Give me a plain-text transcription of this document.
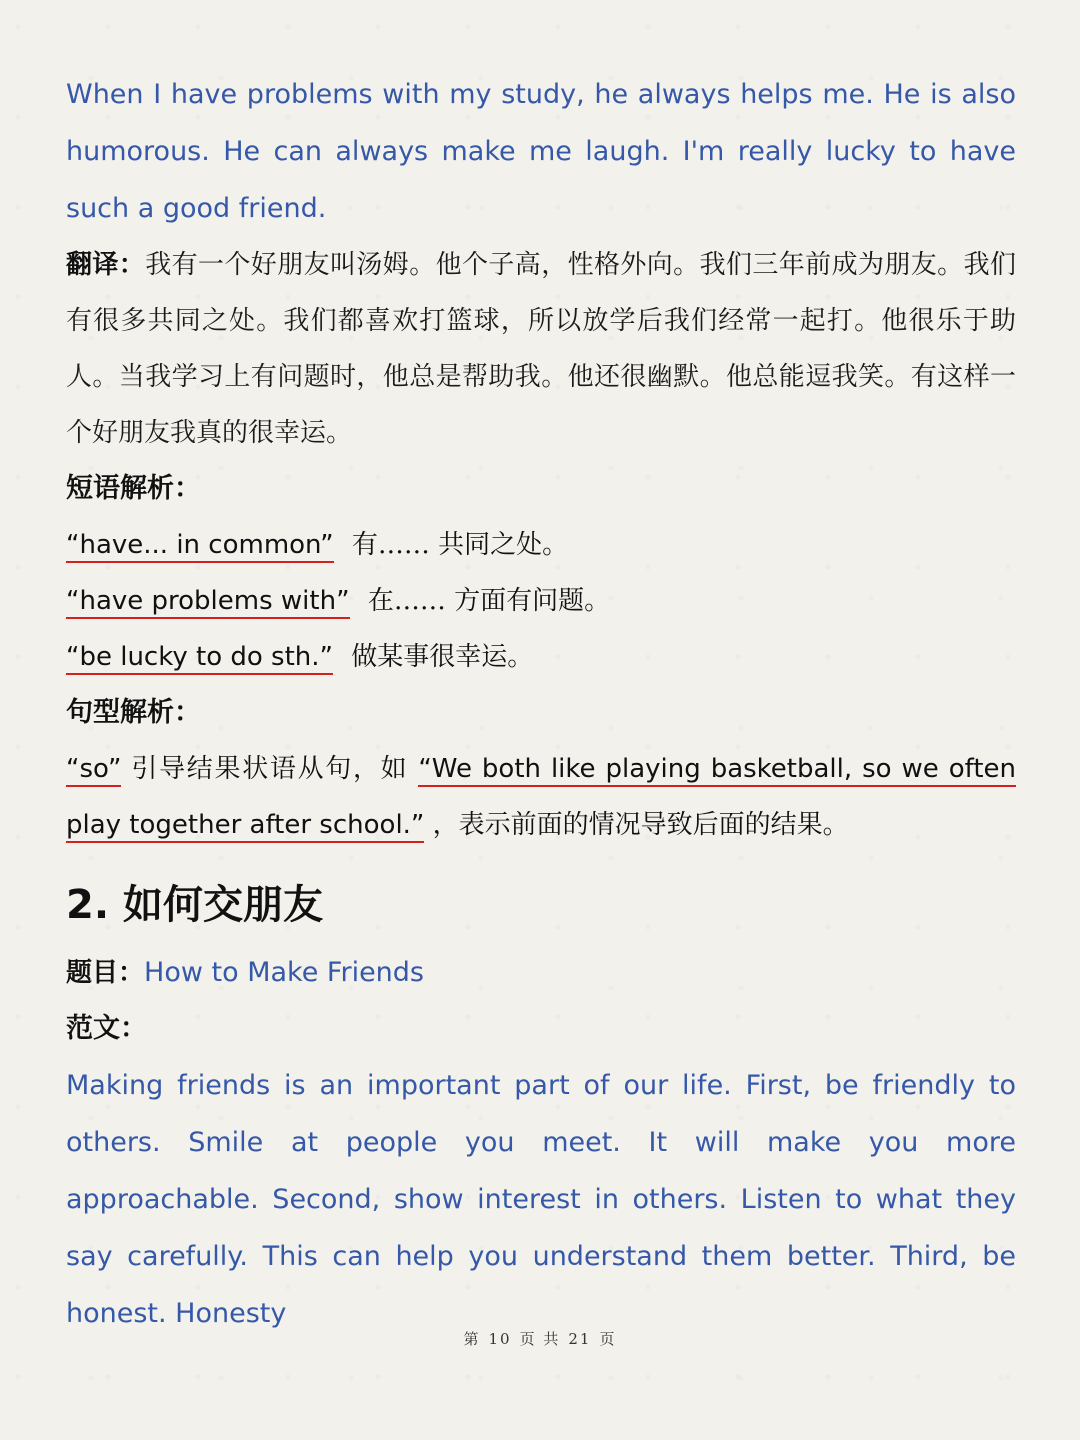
When I have problems with my study, he always helps me. He is also humorous. He can always make me laugh. I'm really lucky to have such a good friend.
翻译：我有一个好朋友叫汤姆。他个子高，性格外向。我们三年前成为朋友。我们有很多共同之处。我们都喜欢打篮球，所以放学后我们经常一起打。他很乐于助人。当我学习上有问题时，他总是帮助我。他还很幽默。他总能逗我笑。有这样一个好朋友我真的很幸运。
短语解析：
“have... in common” 有…… 共同之处。
“have problems with” 在…… 方面有问题。
“be lucky to do sth.” 做某事很幸运。
句型解析：
“so” 引导结果状语从句，如 “We both like playing basketball, so we often play together after school.” ，表示前面的情况导致后面的结果。
2. 如何交朋友
题目：How to Make Friends
范文：
Making friends is an important part of our life. First, be friendly to others. Smile at people you meet. It will make you more approachable. Second, show interest in others. Listen to what they say carefully. This can help you understand them better. Third, be honest. Honesty
第 10 页 共 21 页
